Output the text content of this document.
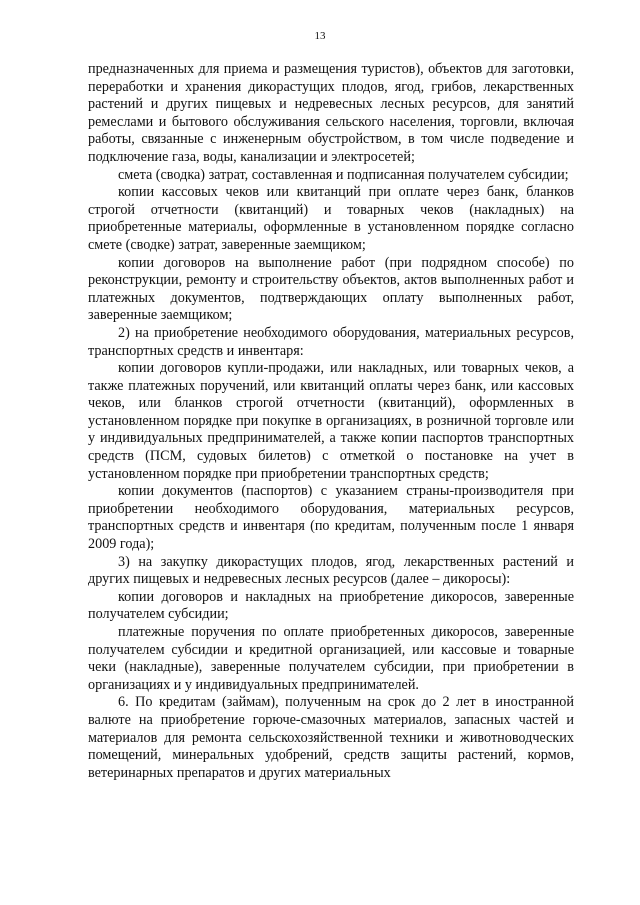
13

предназначенных для приема и размещения туристов), объектов для заготовки, переработки и хранения дикорастущих плодов, ягод, грибов, лекарственных растений и других пищевых и недревесных лесных ресурсов, для занятий ремеслами и бытового обслуживания сельского населения, торговли, включая работы, связанные с инженерным обустройством, в том числе подведение и подключение газа, воды, канализации и электросетей;

смета (сводка) затрат, составленная и подписанная получателем субсидии;

копии кассовых чеков или квитанций при оплате через банк, бланков строгой отчетности (квитанций) и товарных чеков (накладных) на приобретенные материалы, оформленные в установленном порядке согласно смете (сводке) затрат, заверенные заемщиком;

копии договоров на выполнение работ (при подрядном способе) по реконструкции, ремонту и строительству объектов, актов выполненных работ и платежных документов, подтверждающих оплату выполненных работ, заверенные заемщиком;

2) на приобретение необходимого оборудования, материальных ресурсов, транспортных средств и инвентаря:

копии договоров купли-продажи, или накладных, или товарных чеков, а также платежных поручений, или квитанций оплаты через банк, или кассовых чеков, или бланков строгой отчетности (квитанций), оформленных в установленном порядке при покупке в организациях, в розничной торговле или у индивидуальных предпринимателей, а также копии паспортов транспортных средств (ПСМ, судовых билетов) с отметкой о постановке на учет в установленном порядке при приобретении транспортных средств;

копии документов (паспортов) с указанием страны-производителя при приобретении необходимого оборудования, материальных ресурсов, транспортных средств и инвентаря (по кредитам, полученным после 1 января 2009 года);

3) на закупку дикорастущих плодов, ягод, лекарственных растений и других пищевых и недревесных лесных ресурсов (далее – дикоросы):

копии договоров и накладных на приобретение дикоросов, заверенные получателем субсидии;

платежные поручения по оплате приобретенных дикоросов, заверенные получателем субсидии и кредитной организацией, или кассовые и товарные чеки (накладные), заверенные получателем субсидии, при приобретении в организациях и у индивидуальных предпринимателей.

6. По кредитам (займам), полученным на срок до 2 лет в иностранной валюте на приобретение горюче-смазочных материалов, запасных частей и материалов для ремонта сельскохозяйственной техники и животноводческих помещений, минеральных удобрений, средств защиты растений, кормов, ветеринарных препаратов и других материальных
